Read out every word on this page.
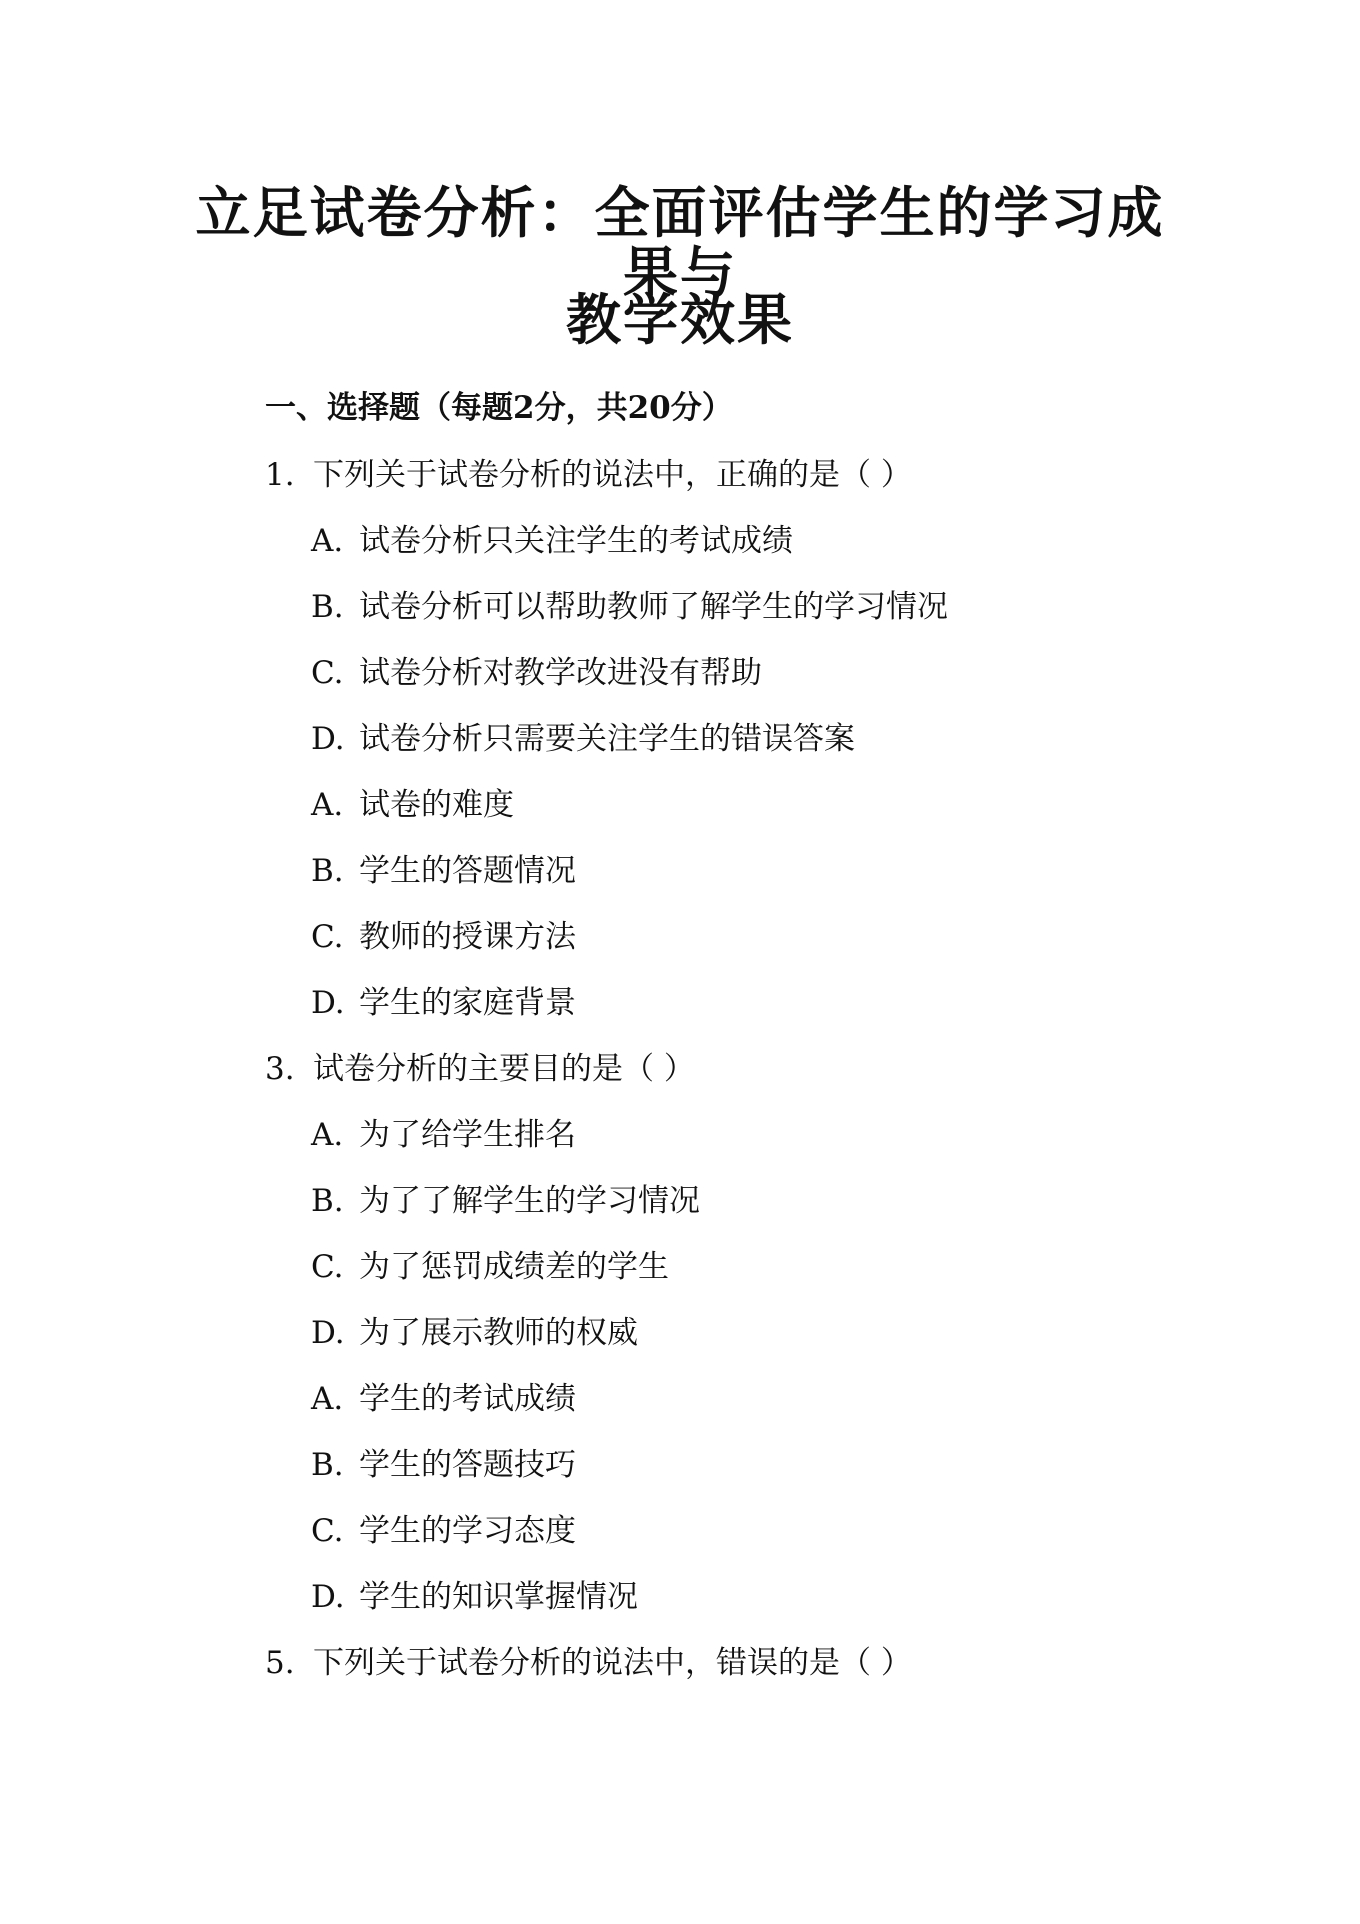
立足试卷分析：全面评估学生的学习成果与
教学效果
一、选择题（每题2分，共20分）
1. 下列关于试卷分析的说法中，正确的是（ ）
A. 试卷分析只关注学生的考试成绩
B. 试卷分析可以帮助教师了解学生的学习情况
C. 试卷分析对教学改进没有帮助
D. 试卷分析只需要关注学生的错误答案
A. 试卷的难度
B. 学生的答题情况
C. 教师的授课方法
D. 学生的家庭背景
3. 试卷分析的主要目的是（ ）
A. 为了给学生排名
B. 为了了解学生的学习情况
C. 为了惩罚成绩差的学生
D. 为了展示教师的权威
A. 学生的考试成绩
B. 学生的答题技巧
C. 学生的学习态度
D. 学生的知识掌握情况
5. 下列关于试卷分析的说法中，错误的是（ ）
